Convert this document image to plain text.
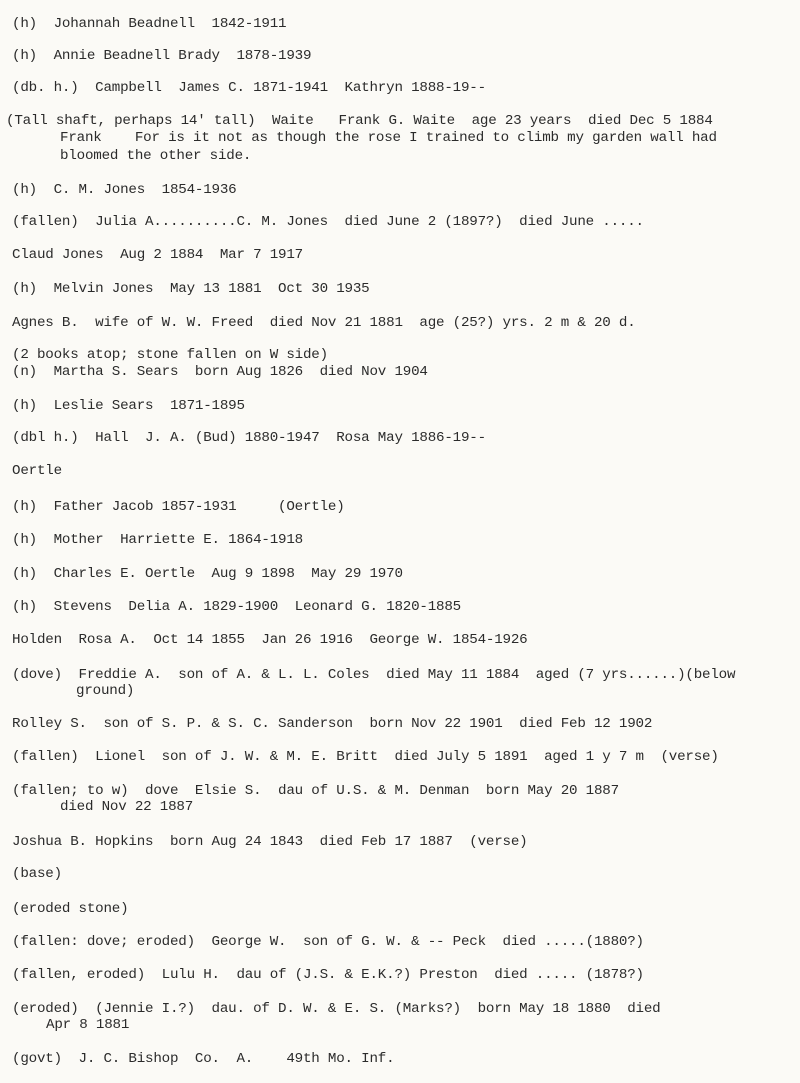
(h)  Johannah Beadnell  1842-1911
(h)  Annie Beadnell Brady  1878-1939
(db. h.)  Campbell  James C. 1871-1941  Kathryn 1888-19--
(Tall shaft, perhaps 14' tall)  Waite   Frank G. Waite  age 23 years  died Dec 5 1884
Frank    For is it not as though the rose I trained to climb my garden wall had
bloomed the other side.
(h)  C. M. Jones  1854-1936
(fallen)  Julia A..........C. M. Jones  died June 2 (1897?)  died June .....
Claud Jones  Aug 2 1884  Mar 7 1917
(h)  Melvin Jones  May 13 1881  Oct 30 1935
Agnes B.  wife of W. W. Freed  died Nov 21 1881  age (25?) yrs. 2 m & 20 d.
(2 books atop; stone fallen on W side)
(n)  Martha S. Sears  born Aug 1826  died Nov 1904
(h)  Leslie Sears  1871-1895
(dbl h.)  Hall  J. A. (Bud) 1880-1947  Rosa May 1886-19--
Oertle
(h)  Father Jacob 1857-1931     (Oertle)
(h)  Mother  Harriette E. 1864-1918
(h)  Charles E. Oertle  Aug 9 1898  May 29 1970
(h)  Stevens  Delia A. 1829-1900  Leonard G. 1820-1885
Holden  Rosa A.  Oct 14 1855  Jan 26 1916  George W. 1854-1926
(dove)  Freddie A.  son of A. & L. L. Coles  died May 11 1884  aged (7 yrs......)(below
ground)
Rolley S.  son of S. P. & S. C. Sanderson  born Nov 22 1901  died Feb 12 1902
(fallen)  Lionel  son of J. W. & M. E. Britt  died July 5 1891  aged 1 y 7 m  (verse)
(fallen; to w)  dove  Elsie S.  dau of U.S. & M. Denman  born May 20 1887
died Nov 22 1887
Joshua B. Hopkins  born Aug 24 1843  died Feb 17 1887  (verse)
(base)
(eroded stone)
(fallen: dove; eroded)  George W.  son of G. W. & -- Peck  died .....(1880?)
(fallen, eroded)  Lulu H.  dau of (J.S. & E.K.?) Preston  died ..... (1878?)
(eroded)  (Jennie I.?)  dau. of D. W. & E. S. (Marks?)  born May 18 1880  died
Apr 8 1881
(govt)  J. C. Bishop  Co.  A.    49th Mo. Inf.
